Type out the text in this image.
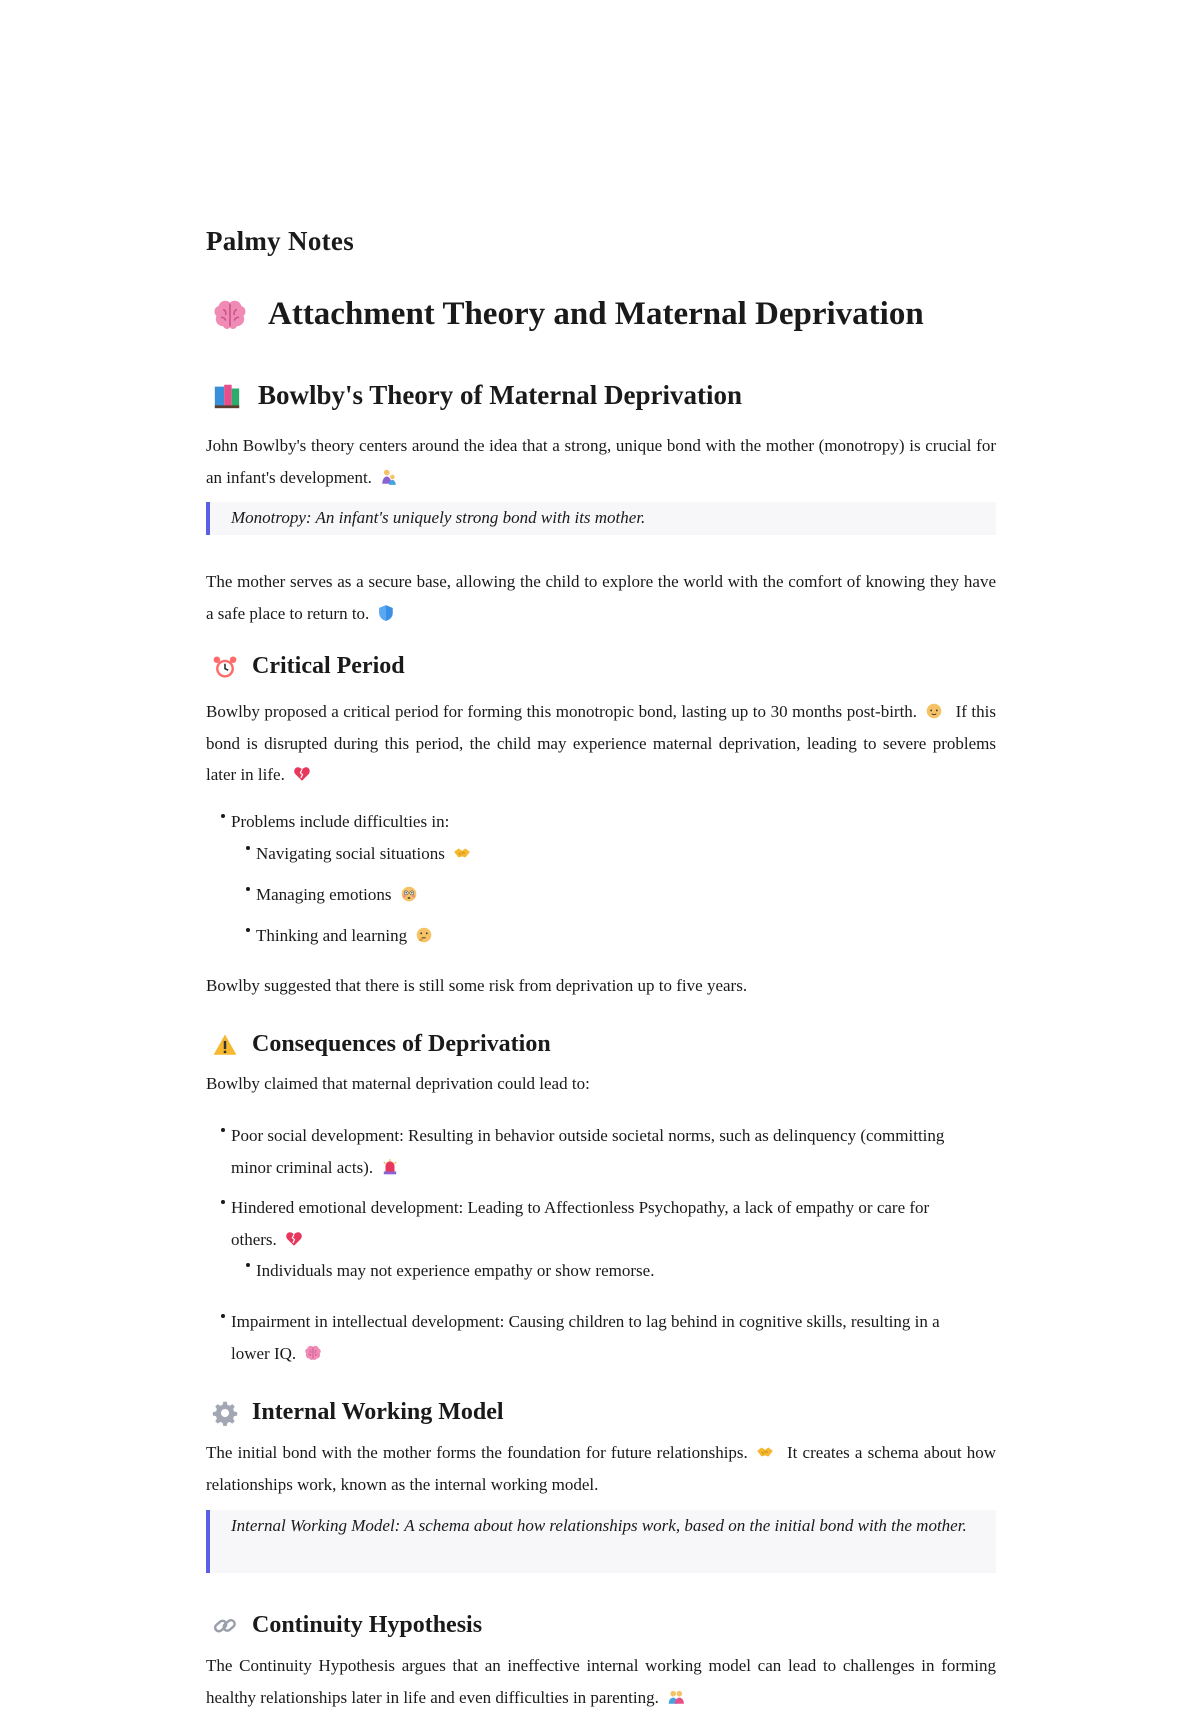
Palmy Notes
Attachment Theory and Maternal Deprivation
Bowlby's Theory of Maternal Deprivation

John Bowlby's theory centers around the idea that a strong, unique bond with the mother (monotropy) is crucial for an infant's development.

Monotropy: An infant's uniquely strong bond with its mother.

The mother serves as a secure base, allowing the child to explore the world with the comfort of knowing they have a safe place to return to.

Critical Period

Bowlby proposed a critical period for forming this monotropic bond, lasting up to 30 months post-birth. If this bond is disrupted during this period, the child may experience maternal deprivation, leading to severe problems later in life.

Problems include difficulties in:
Navigating social situations
Managing emotions
Thinking and learning

Bowlby suggested that there is still some risk from deprivation up to five years.

Consequences of Deprivation

Bowlby claimed that maternal deprivation could lead to:

Poor social development: Resulting in behavior outside societal norms, such as delinquency (committing minor criminal acts).
Hindered emotional development: Leading to Affectionless Psychopathy, a lack of empathy or care for others.
Individuals may not experience empathy or show remorse.
Impairment in intellectual development: Causing children to lag behind in cognitive skills, resulting in a lower IQ.
Internal Working Model

The initial bond with the mother forms the foundation for future relationships. It creates a schema about how relationships work, known as the internal working model.

Internal Working Model: A schema about how relationships work, based on the initial bond with the mother.
Continuity Hypothesis

The Continuity Hypothesis argues that an ineffective internal working model can lead to challenges in forming healthy relationships later in life and even difficulties in parenting.
